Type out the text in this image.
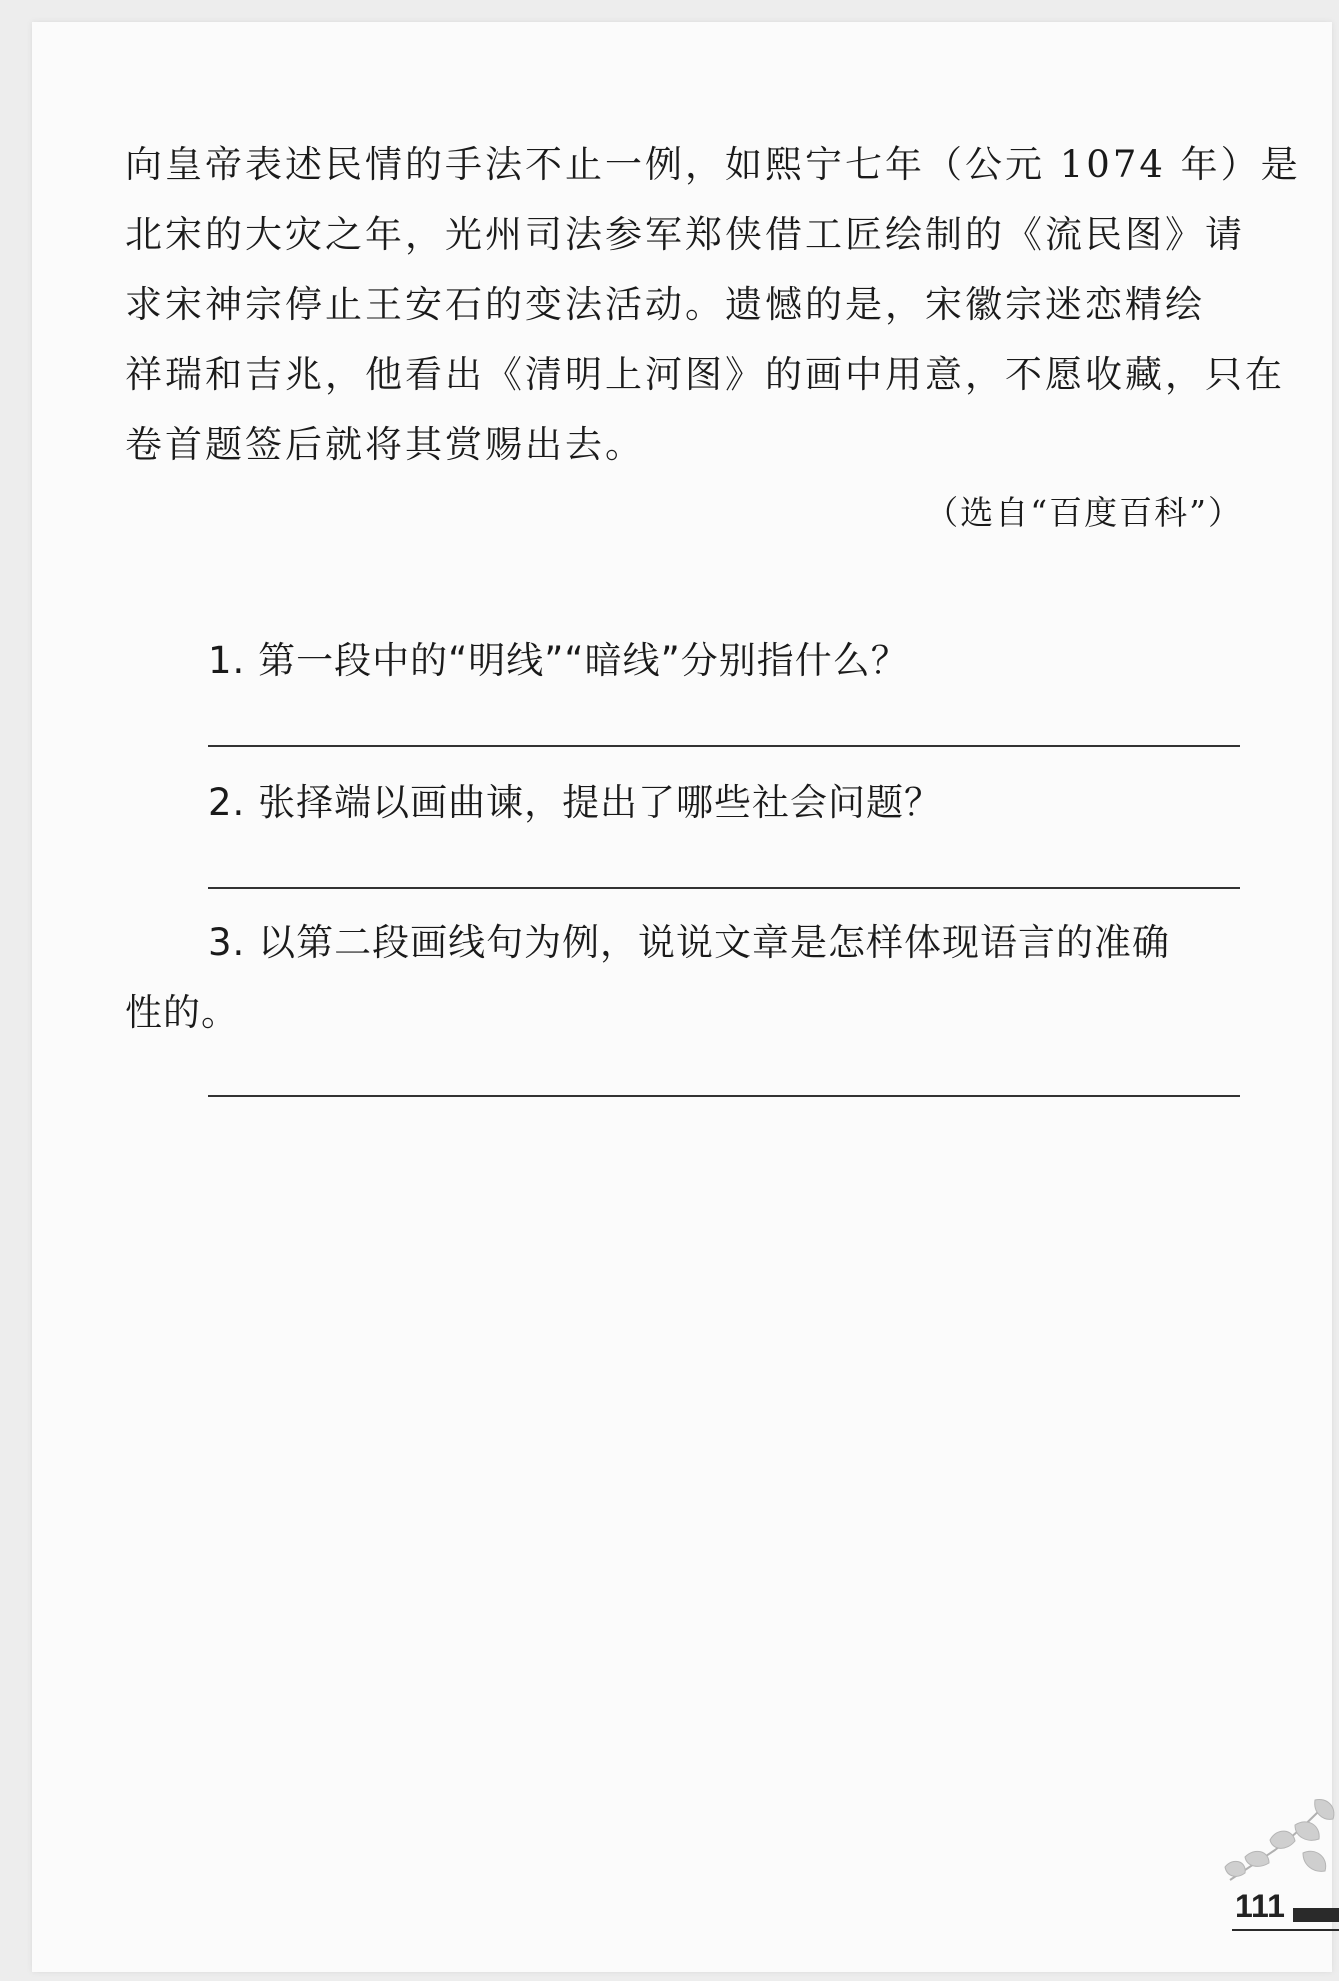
向皇帝表述民情的手法不止一例，如熙宁七年（公元 1074 年）是
北宋的大灾之年，光州司法参军郑侠借工匠绘制的《流民图》请
求宋神宗停止王安石的变法活动。遗憾的是，宋徽宗迷恋精绘
祥瑞和吉兆，他看出《清明上河图》的画中用意，不愿收藏，只在
卷首题签后就将其赏赐出去。
（选自“百度百科”）
1. 第一段中的“明线”“暗线”分别指什么？
2. 张择端以画曲谏，提出了哪些社会问题？
3. 以第二段画线句为例，说说文章是怎样体现语言的准确
性的。
111
